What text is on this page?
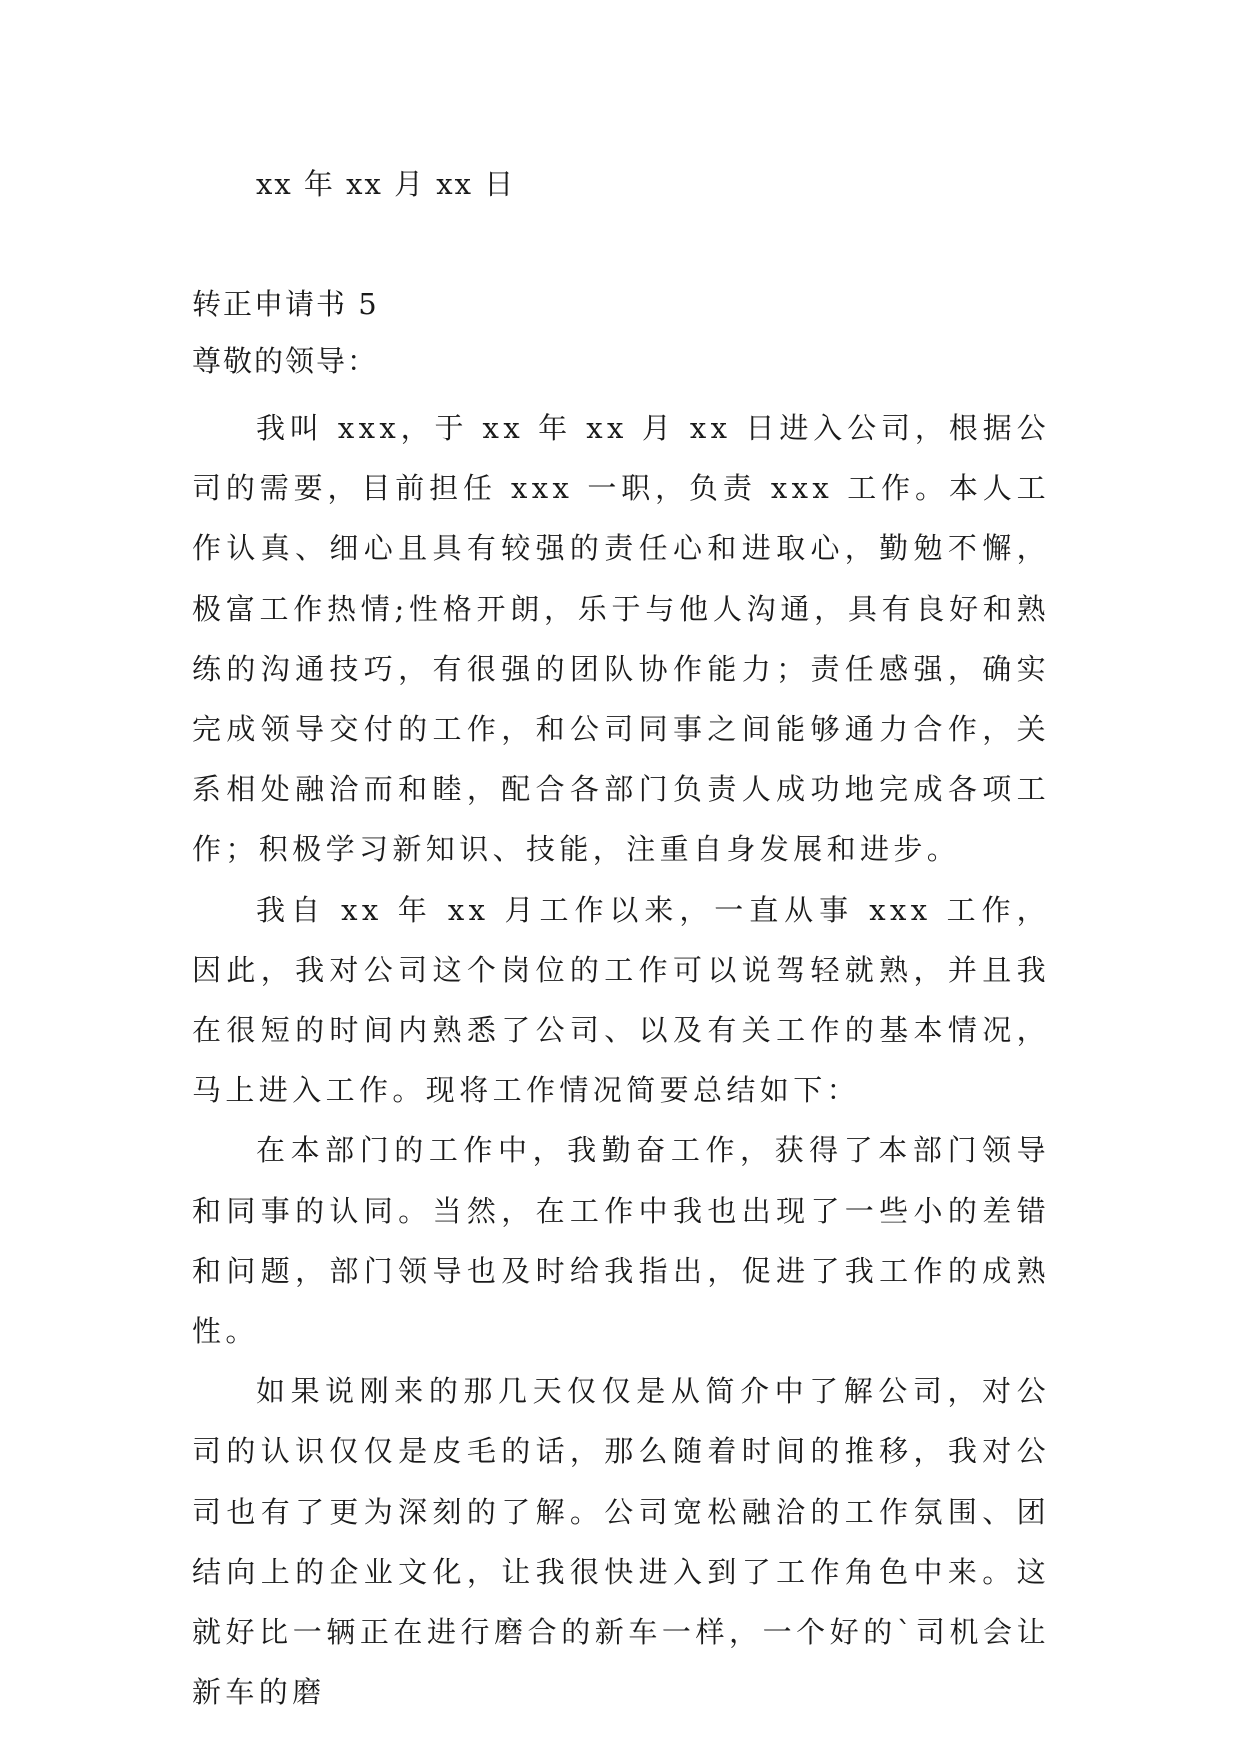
xx 年 xx 月 xx 日
转正申请书 5
尊敬的领导：

我叫 xxx，于 xx 年 xx 月 xx 日进入公司，根据公司的需要，目前担任 xxx 一职，负责 xxx 工作。本人工作认真、细心且具有较强的责任心和进取心，勤勉不懈，极富工作热情;性格开朗，乐于与他人沟通，具有良好和熟练的沟通技巧，有很强的团队协作能力；责任感强，确实完成领导交付的工作，和公司同事之间能够通力合作，关系相处融洽而和睦，配合各部门负责人成功地完成各项工作；积极学习新知识、技能，注重自身发展和进步。

我自 xx 年 xx 月工作以来，一直从事 xxx 工作，因此，我对公司这个岗位的工作可以说驾轻就熟，并且我在很短的时间内熟悉了公司、以及有关工作的基本情况，马上进入工作。现将工作情况简要总结如下：

在本部门的工作中，我勤奋工作，获得了本部门领导和同事的认同。当然，在工作中我也出现了一些小的差错和问题，部门领导也及时给我指出，促进了我工作的成熟性。

如果说刚来的那几天仅仅是从简介中了解公司，对公司的认识仅仅是皮毛的话，那么随着时间的推移，我对公司也有了更为深刻的了解。公司宽松融洽的工作氛围、团结向上的企业文化，让我很快进入到了工作角色中来。这就好比一辆正在进行磨合的新车一样，一个好的`司机会让新车的磨
